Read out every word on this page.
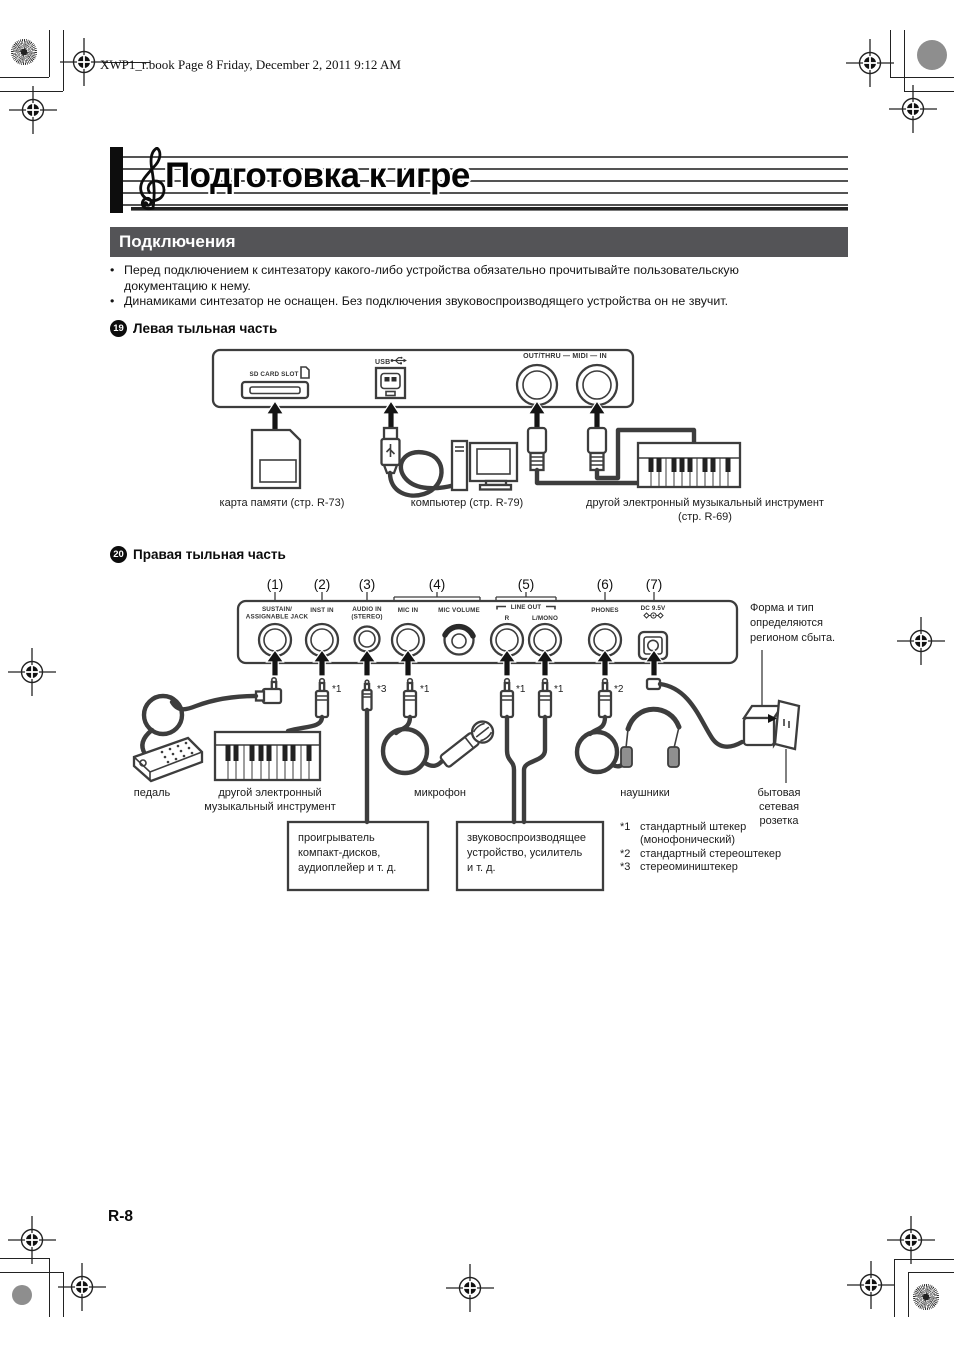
XWP1_r.book Page 8 Friday, December 2, 2011 9:12 AM
Подготовка к игре
Подключения
• Перед подключением к синтезатору какого-либо устройства обязательно прочитывайте пользовательскую документацию к нему.
• Динамиками синтезатор не оснащен. Без подключения звуковоспроизводящего устройства он не звучит.
19 Левая тыльная часть
20 Правая тыльная часть
SD CARD SLOT
USB
OUT/THRU — MIDI — IN
карта памяти (стр. R-73)	компьютер (стр. R-79)	другой электронный музыкальный инструмент
(стр. R-69)
(1) (2) (3)	(4)	(5)	(6) (7)
SUSTAIN/
ASSIGNABLE JACK
INST IN	AUDIO IN
(STEREO)
MIC IN	MIC VOLUME	LINE OUT
R	L/MONO
PHONES	DC 9.5V
*1	*3	*1	*1	*1	*2
Форма и тип
определяются
регионом сбыта.
педаль	другой электронный
музыкальный инструмент
микрофон	наушники	бытовая
сетевая
розетка
проигрыватель
компакт-дисков,
аудиоплейер и т. д.
звуковоспроизводящее
устройство, усилитель
и т. д.
*1 стандартный штекер
(монофонический)
*2 стандартный стереоштекер
*3 стереомиништекер
R-8
